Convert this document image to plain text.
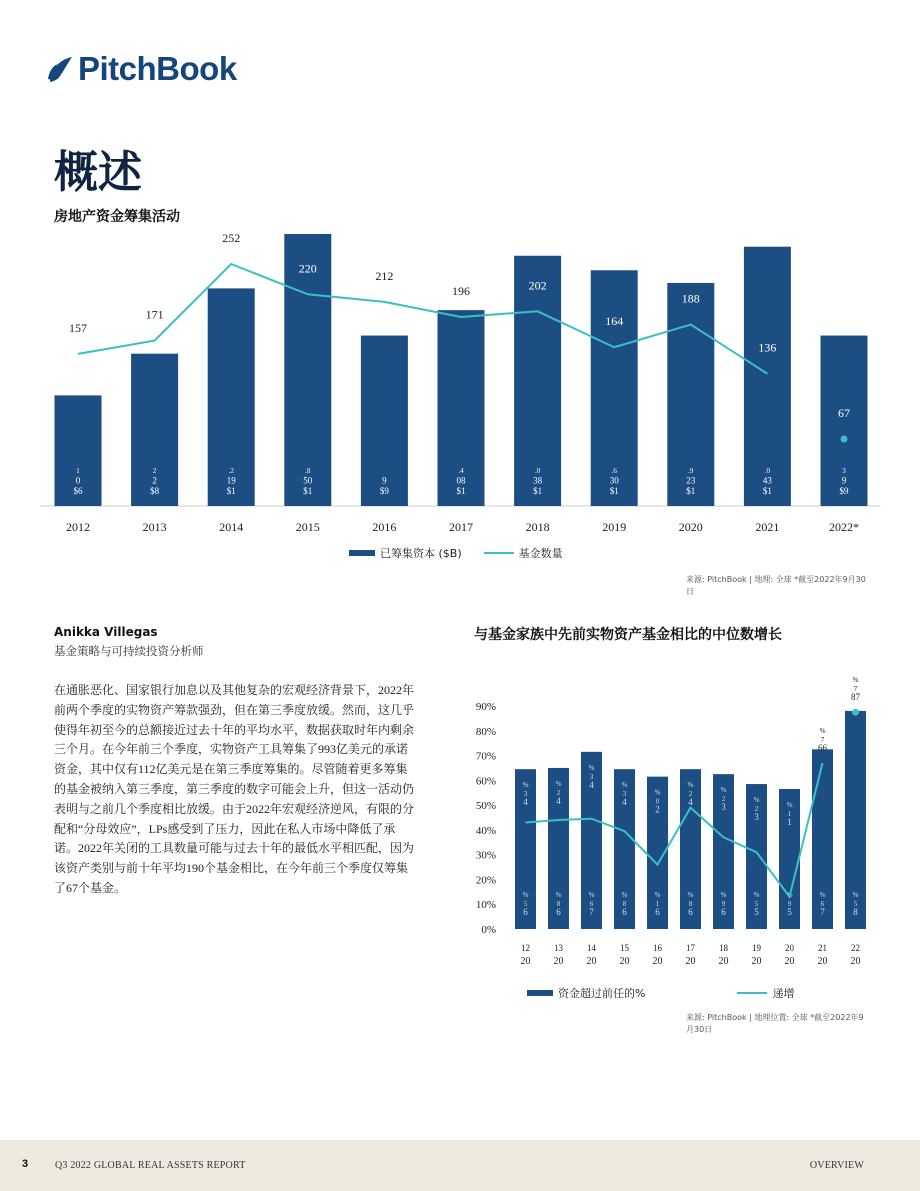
PitchBook
概述
房地产资金筹集活动
1
0
$6
2012
2
2
$8
2013
.2
19
$1
2014
.8
50
$1
2015
9
$9
2016
.4
08
$1
2017
.0
38
$1
2018
.6
30
$1
2019
.9
23
$1
2020
.0
43
$1
2021
3
9
$9
2022*
157
171
252
220
212
196	202
164
188
136
67
已筹集资本 ($B)	基金数量
来源: PitchBook | 地理: 全球 *截至2022年9月30
日
Anikka Villegas
基金策略与可持续投资分析师
在通胀恶化、国家银行加息以及其他复杂的宏观经济背景下，2022年
前两个季度的实物资产筹款强劲，但在第三季度放缓。然而，这几乎
使得年初至今的总额接近过去十年的平均水平，数据获取时年内剩余
三个月。在今年前三个季度，实物资产工具筹集了993亿美元的承诺
资金，其中仅有112亿美元是在第三季度筹集的。尽管随着更多筹集
的基金被纳入第三季度，第三季度的数字可能会上升，但这一活动仍
表明与之前几个季度相比放缓。由于2022年宏观经济逆风，有限的分
配和“分母效应”，LPs感受到了压力，因此在私人市场中降低了承
诺。2022年关闭的工具数量可能与过去十年的最低水平相匹配，因为
该资产类别与前十年平均190个基金相比，在今年前三个季度仅筹集
了67个基金。
与基金家族中先前实物资产基金相比的中位数增长
0%
10%
20%
30%
40%
50%
60%
70%
80%
90%
%
3
4
%
5
6
12
20
%
2
4
%
8
6
13
20
%
3
4
%
6
7
14
20
%
3
4
%
8
6
15
20
%
0
2
%
1
6
16
20
%
2
4
%
8
6
17
20
%
2
3
%
9
6
18
20
%
2
3
%
5
5
19
20
%
1
1
%
9
5
20
20
%
7
66
%
6
7
21
20
%
7
87
%
5
8
22
20
资金超过前任的%	递增
来源: PitchBook | 地理位置: 全球 *截至2022年9
月30日
3	Q3 2022 GLOBAL REAL ASSETS REPORT	OVERVIEW
